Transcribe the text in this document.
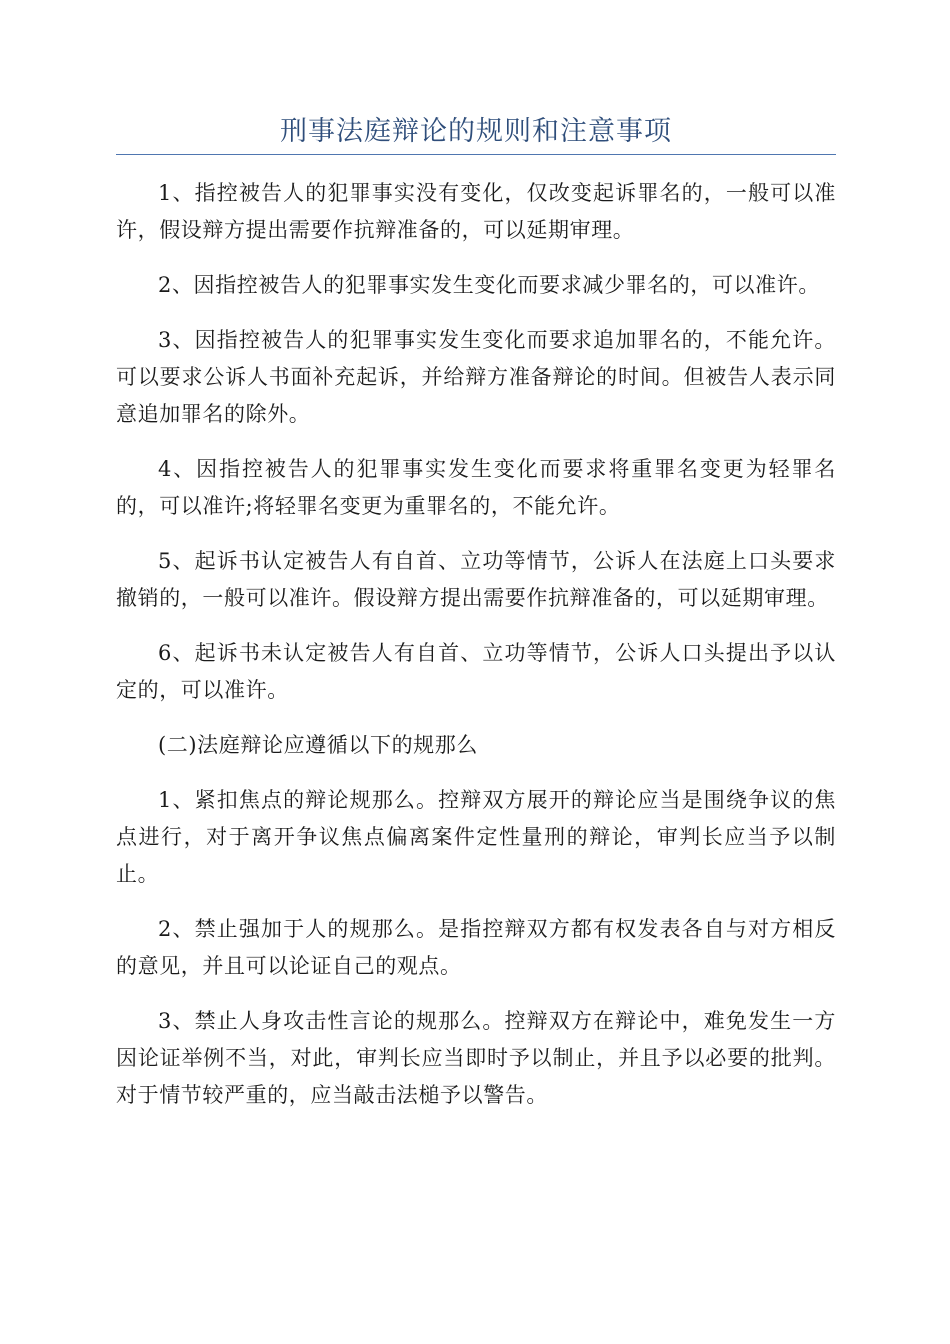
刑事法庭辩论的规则和注意事项

1、指控被告人的犯罪事实没有变化，仅改变起诉罪名的，一般可以准许，假设辩方提出需要作抗辩准备的，可以延期审理。

2、因指控被告人的犯罪事实发生变化而要求减少罪名的，可以准许。

3、因指控被告人的犯罪事实发生变化而要求追加罪名的，不能允许。可以要求公诉人书面补充起诉，并给辩方准备辩论的时间。但被告人表示同意追加罪名的除外。

4、因指控被告人的犯罪事实发生变化而要求将重罪名变更为轻罪名的，可以准许;将轻罪名变更为重罪名的，不能允许。

5、起诉书认定被告人有自首、立功等情节，公诉人在法庭上口头要求撤销的，一般可以准许。假设辩方提出需要作抗辩准备的，可以延期审理。

6、起诉书未认定被告人有自首、立功等情节，公诉人口头提出予以认定的，可以准许。

(二)法庭辩论应遵循以下的规那么

1、紧扣焦点的辩论规那么。控辩双方展开的辩论应当是围绕争议的焦点进行，对于离开争议焦点偏离案件定性量刑的辩论，审判长应当予以制止。

2、禁止强加于人的规那么。是指控辩双方都有权发表各自与对方相反的意见，并且可以论证自己的观点。

3、禁止人身攻击性言论的规那么。控辩双方在辩论中，难免发生一方因论证举例不当，对此，审判长应当即时予以制止，并且予以必要的批判。对于情节较严重的，应当敲击法槌予以警告。
